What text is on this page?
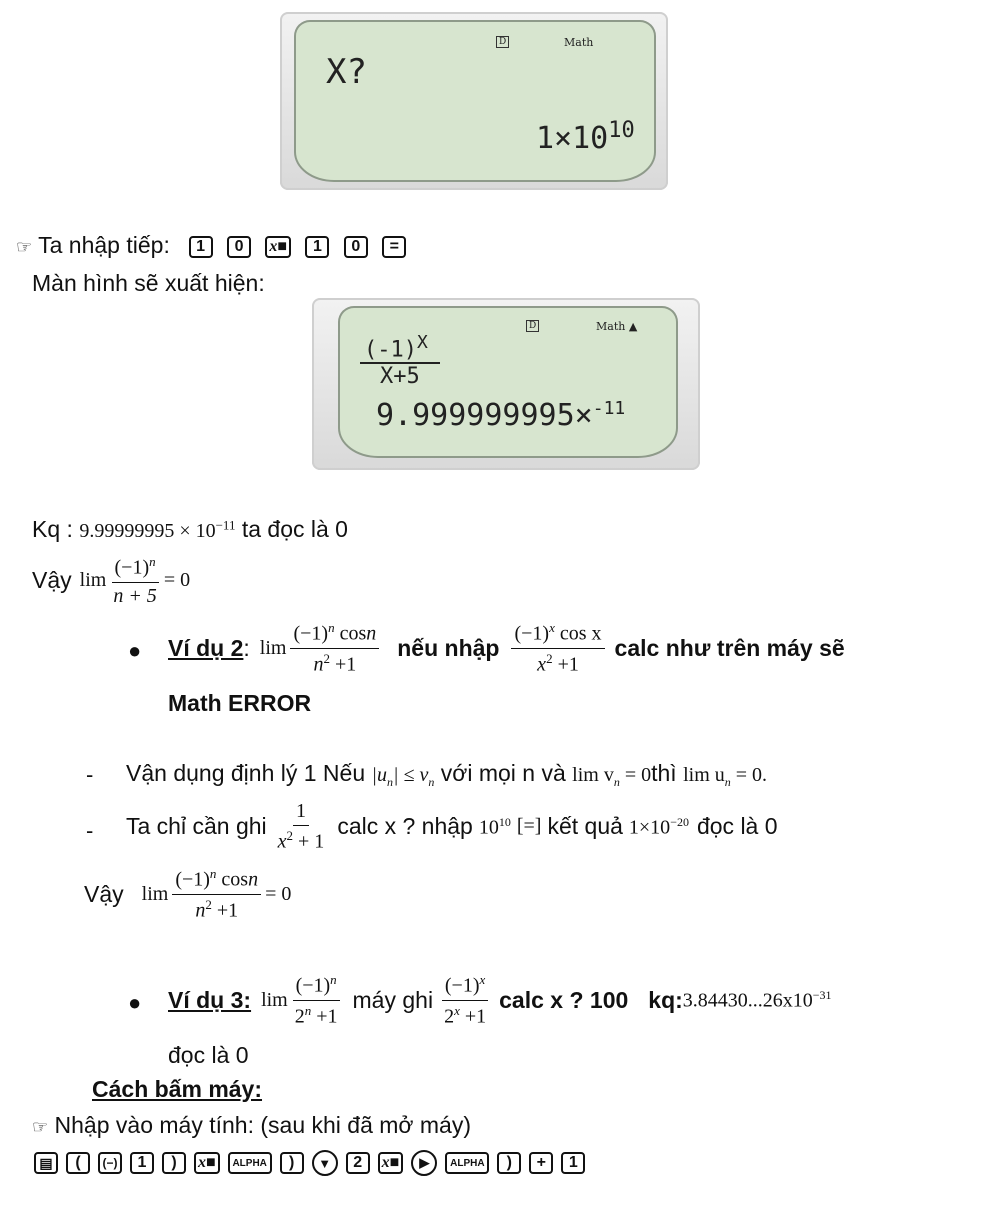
D	Math
X?
$1\times 10^{10}$
☞ Ta nhập tiếp: 1 0 x■ 1 0 =
Màn hình sẽ xuất hiện:
D	Math ▲
$(-1)^X$
X+5
9.999999995×$^{-11}$
Kq : $9.99999995 \times 10^{-11}$ ta đọc là 0
Vậy $\lim \frac{(-1)^n}{n + 5} = 0$
● Ví dụ 2 : $\lim \frac{(-1)^n \cos n}{n^2 +1}$ nếu nhập $\frac{(-1)^x \cos x}{x^2 +1}$ calc như trên máy sẽ
Math ERROR
- Vận dụng định lý 1 Nếu $|u_n| \le v_n$ với mọi n và $\lim v_n$ = 0thì $\lim u_n = 0$.
- Ta chỉ cần ghi $\frac{1}{x^2 + 1}$ calc x ? nhập $10^{10}$ [=] kết quả $1\times 10^{-20}$ đọc là 0
Vậy $\lim \frac{(-1)^n \cos n}{n^2 +1} = 0$
● Ví dụ 3: $\lim \frac{(-1)^n}{2^n +1}$ máy ghi $\frac{(-1)^x}{2^x +1}$ calc x ? 100 kq: $3.84430...26x10^{-31}$
đọc là 0
Cách bấm máy:
☞ Nhập vào máy tính: (sau khi đã mở máy)
▤	(	(−)	1	)	x■	ALPHA	)	▼	2	x■	▶	ALPHA	)	+	1
